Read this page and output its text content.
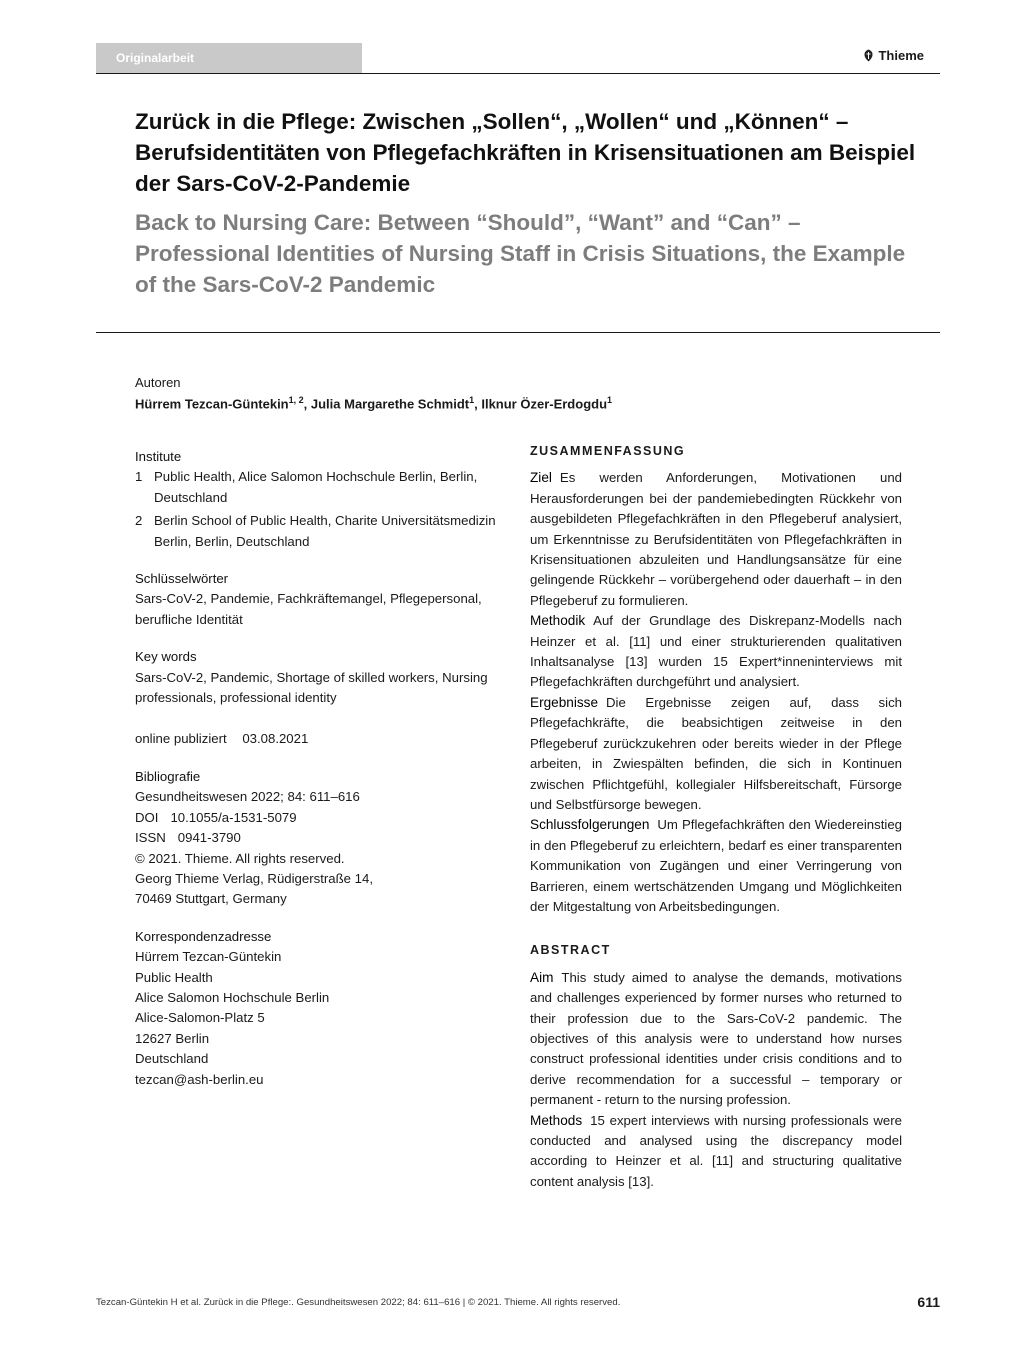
Originalarbeit	Thieme
Zurück in die Pflege: Zwischen „Sollen“, „Wollen“ und „Können“ – Berufsidentitäten von Pflegefachkräften in Krisensituationen am Beispiel der Sars-CoV-2-Pandemie
Back to Nursing Care: Between “Should”, “Want” and “Can” – Professional Identities of Nursing Staff in Crisis Situations, the Example of the Sars-CoV-2 Pandemic
Autoren
Hürrem Tezcan-Güntekin$^{1, 2}$, Julia Margarethe Schmidt$^1$, Ilknur Özer-Erdogdu$^1$
Institute
1 Public Health, Alice Salomon Hochschule Berlin, Berlin, Deutschland
2 Berlin School of Public Health, Charite Universitätsmedizin Berlin, Berlin, Deutschland
Schlüsselwörter
Sars-CoV-2, Pandemie, Fachkräftemangel, Pflegepersonal, berufliche Identität
Key words
Sars-CoV-2, Pandemic, Shortage of skilled workers, Nursing professionals, professional identity
online publiziert 03.08.2021
Bibliografie
Gesundheitswesen 2022; 84: 611–616
DOI 10.1055/a-1531-5079
ISSN 0941-3790
© 2021. Thieme. All rights reserved.
Georg Thieme Verlag, Rüdigerstraße 14,
70469 Stuttgart, Germany
Korrespondenzadresse
Hürrem Tezcan-Güntekin
Public Health
Alice Salomon Hochschule Berlin
Alice-Salomon-Platz 5
12627 Berlin
Deutschland
tezcan@ash-berlin.eu
ZUSAMMENFASSUNG

Ziel Es werden Anforderungen, Motivationen und Herausforderungen bei der pandemiebedingten Rückkehr von ausgebildeten Pflegefachkräften in den Pflegeberuf analysiert, um Erkenntnisse zu Berufsidentitäten von Pflegefachkräften in Krisensituationen abzuleiten und Handlungsansätze für eine gelingende Rückkehr – vorübergehend oder dauerhaft – in den Pflegeberuf zu formulieren.

Methodik Auf der Grundlage des Diskrepanz-Modells nach Heinzer et al. [11] und einer strukturierenden qualitativen Inhaltsanalyse [13] wurden 15 Expert*inneninterviews mit Pflegefachkräften durchgeführt und analysiert.

Ergebnisse Die Ergebnisse zeigen auf, dass sich Pflegefachkräfte, die beabsichtigen zeitweise in den Pflegeberuf zurückzukehren oder bereits wieder in der Pflege arbeiten, in Zwiespälten befinden, die sich in Kontinuen zwischen Pflichtgefühl, kollegialer Hilfsbereitschaft, Fürsorge und Selbstfürsorge bewegen.

Schlussfolgerungen Um Pflegefachkräften den Wiedereinstieg in den Pflegeberuf zu erleichtern, bedarf es einer transparenten Kommunikation von Zugängen und einer Verringerung von Barrieren, einem wertschätzenden Umgang und Möglichkeiten der Mitgestaltung von Arbeitsbedingungen.

ABSTRACT

Aim This study aimed to analyse the demands, motivations and challenges experienced by former nurses who returned to their profession due to the Sars-CoV-2 pandemic. The objectives of this analysis were to understand how nurses construct professional identities under crisis conditions and to derive recommendation for a successful – temporary or permanent - return to the nursing profession.

Methods 15 expert interviews with nursing professionals were conducted and analysed using the discrepancy model according to Heinzer et al. [11] and structuring qualitative content analysis [13].

Tezcan-Güntekin H et al. Zurück in die Pflege:. Gesundheitswesen 2022; 84: 611–616 | © 2021. Thieme. All rights reserved.	611
